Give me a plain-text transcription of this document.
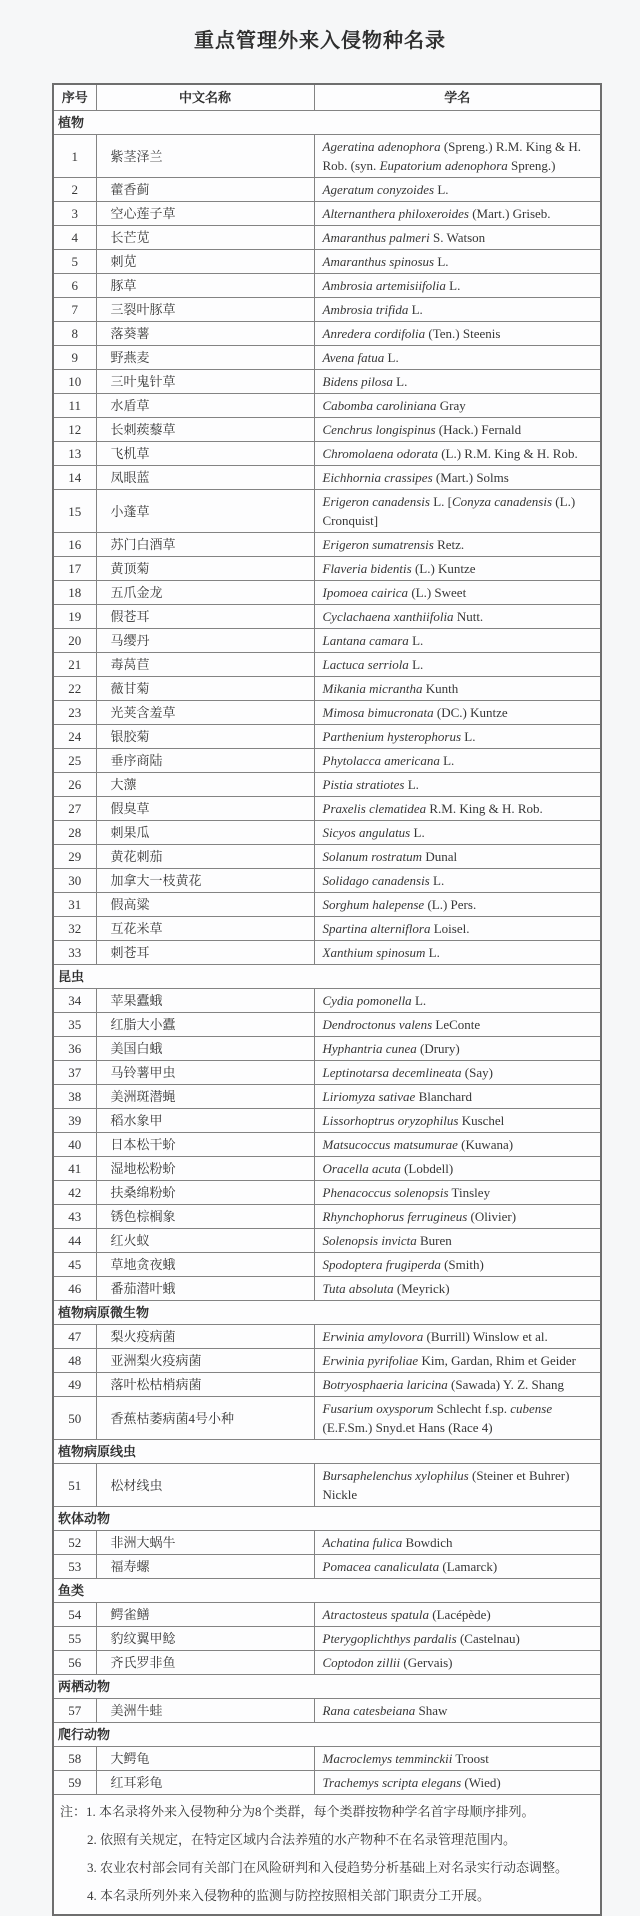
重点管理外来入侵物种名录
序号	中文名称	学名
植物		
1	紫茎泽兰	Ageratina adenophora (Spreng.) R.M. King & H. Rob. (syn. Eupatorium adenophora Spreng.)
2	藿香蓟	Ageratum conyzoides L.
3	空心莲子草	Alternanthera philoxeroides (Mart.) Griseb.
4	长芒苋	Amaranthus palmeri S. Watson
5	刺苋	Amaranthus spinosus L.
6	豚草	Ambrosia artemisiifolia L.
7	三裂叶豚草	Ambrosia trifida L.
8	落葵薯	Anredera cordifolia (Ten.) Steenis
9	野燕麦	Avena fatua L.
10	三叶鬼针草	Bidens pilosa L.
11	水盾草	Cabomba caroliniana Gray
12	长刺蒺藜草	Cenchrus longispinus (Hack.) Fernald
13	飞机草	Chromolaena odorata (L.) R.M. King & H. Rob.
14	凤眼蓝	Eichhornia crassipes (Mart.) Solms
15	小蓬草	Erigeron canadensis L. [Conyza canadensis (L.) Cronquist]
16	苏门白酒草	Erigeron sumatrensis Retz.
17	黄顶菊	Flaveria bidentis (L.) Kuntze
18	五爪金龙	Ipomoea cairica (L.) Sweet
19	假苍耳	Cyclachaena xanthiifolia Nutt.
20	马缨丹	Lantana camara L.
21	毒莴苣	Lactuca serriola L.
22	薇甘菊	Mikania micrantha Kunth
23	光荚含羞草	Mimosa bimucronata (DC.) Kuntze
24	银胶菊	Parthenium hysterophorus L.
25	垂序商陆	Phytolacca americana L.
26	大薸	Pistia stratiotes L.
27	假臭草	Praxelis clematidea R.M. King & H. Rob.
28	刺果瓜	Sicyos angulatus L.
29	黄花刺茄	Solanum rostratum Dunal
30	加拿大一枝黄花	Solidago canadensis L.
31	假高粱	Sorghum halepense (L.) Pers.
32	互花米草	Spartina alterniflora Loisel.
33	刺苍耳	Xanthium spinosum L.
昆虫		
34	苹果蠹蛾	Cydia pomonella L.
35	红脂大小蠹	Dendroctonus valens LeConte
36	美国白蛾	Hyphantria cunea (Drury)
37	马铃薯甲虫	Leptinotarsa decemlineata (Say)
38	美洲斑潜蝇	Liriomyza sativae Blanchard
39	稻水象甲	Lissorhoptrus oryzophilus Kuschel
40	日本松干蚧	Matsucoccus matsumurae (Kuwana)
41	湿地松粉蚧	Oracella acuta (Lobdell)
42	扶桑绵粉蚧	Phenacoccus solenopsis Tinsley
43	锈色棕榈象	Rhynchophorus ferrugineus (Olivier)
44	红火蚁	Solenopsis invicta Buren
45	草地贪夜蛾	Spodoptera frugiperda (Smith)
46	番茄潜叶蛾	Tuta absoluta (Meyrick)
植物病原微生物		
47	梨火疫病菌	Erwinia amylovora (Burrill) Winslow et al.
48	亚洲梨火疫病菌	Erwinia pyrifoliae Kim, Gardan, Rhim et Geider
49	落叶松枯梢病菌	Botryosphaeria laricina (Sawada) Y. Z. Shang
50	香蕉枯萎病菌4号小种	Fusarium oxysporum Schlecht f.sp. cubense (E.F.Sm.) Snyd.et Hans (Race 4)
植物病原线虫		
51	松材线虫	Bursaphelenchus xylophilus (Steiner et Buhrer) Nickle
软体动物		
52	非洲大蜗牛	Achatina fulica Bowdich
53	福寿螺	Pomacea canaliculata (Lamarck)
鱼类		
54	鳄雀鳝	Atractosteus spatula (Lacépède)
55	豹纹翼甲鲶	Pterygoplichthys pardalis (Castelnau)
56	齐氏罗非鱼	Coptodon zillii (Gervais)
两栖动物		
57	美洲牛蛙	Rana catesbeiana Shaw
爬行动物		
58	大鳄龟	Macroclemys temminckii Troost
59	红耳彩龟	Trachemys scripta elegans (Wied)

注：1. 本名录将外来入侵物种分为8个类群，每个类群按物种学名首字母顺序排列。
2. 依照有关规定，在特定区域内合法养殖的水产物种不在名录管理范围内。
3. 农业农村部会同有关部门在风险研判和入侵趋势分析基础上对名录实行动态调整。
4. 本名录所列外来入侵物种的监测与防控按照相关部门职责分工开展。		
